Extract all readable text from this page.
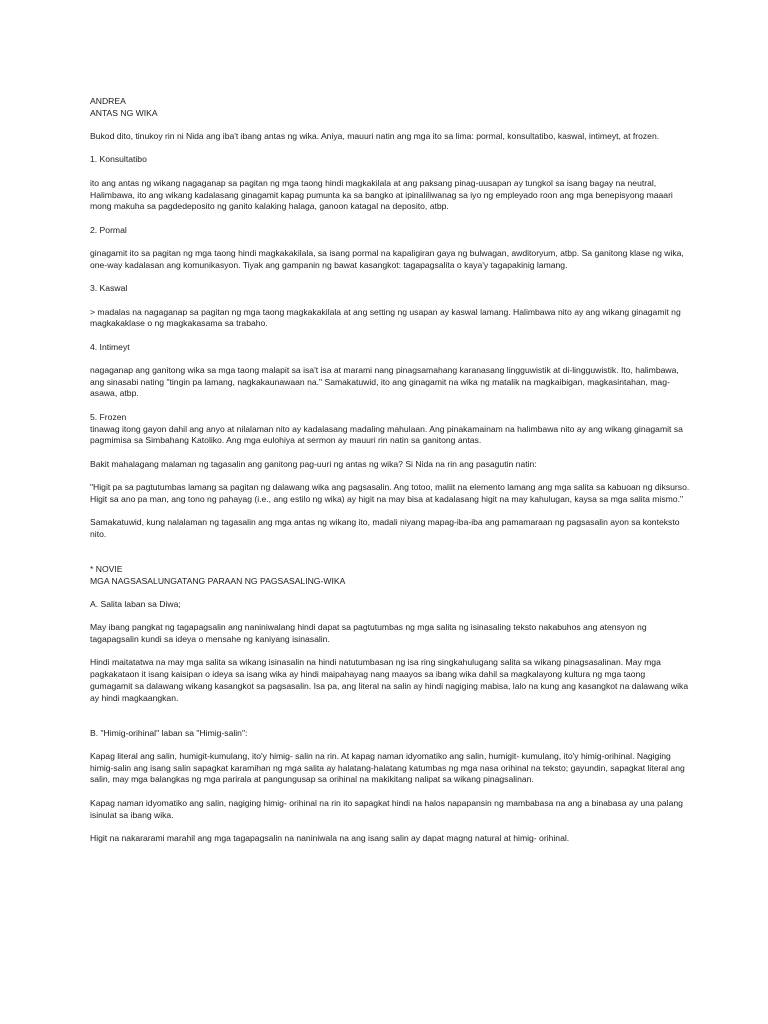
ANDREA

ANTAS NG WIKA

Bukod dito, tinukoy rin ni Nida ang iba't ibang antas ng wika. Aniya, mauuri natin ang mga ito sa lima: pormal, konsultatibo, kaswal, intimeyt, at frozen.

1. Konsultatibo

ito ang antas ng wikang nagaganap sa pagitan ng mga taong hindi magkakilala at ang paksang pinag-uusapan ay tungkol sa isang bagay na neutral, Halimbawa, ito ang wikang kadalasang ginagamit kapag pumunta ka sa bangko at ipinaliliwanag sa iyo ng empleyado roon ang mga benepisyong maaari mong makuha sa pagdedeposito ng ganito kalaking halaga, ganoon katagal na deposito, atbp.

2. Pormal

ginagamit ito sa pagitan ng mga taong hindi magkakakilala, sa isang pormal na kapaligiran gaya ng bulwagan, awditoryum, atbp. Sa ganitong klase ng wika, one-way kadalasan ang komunikasyon. Tiyak ang gampanin ng bawat kasangkot: tagapagsalita o kaya'y tagapakinig lamang.

3. Kaswal

> madalas na nagaganap sa pagitan ng mga taong magkakakilala at ang setting ng usapan ay kaswal lamang. Halimbawa nito ay ang wikang ginagamit ng magkakaklase o ng magkakasama sa trabaho.

4. Intimeyt

nagaganap ang ganitong wika sa mga taong malapit sa isa't isa at marami nang pinagsamahang karanasang lingguwistik at di-lingguwistik. Ito, halimbawa, ang sinasabi nating "tingin pa lamang, nagkakaunawaan na." Samakatuwid, ito ang ginagamit na wika ng matalik na magkaibigan, magkasintahan, mag-asawa, atbp.

5. Frozen

tinawag itong gayon dahil ang anyo at nilalaman nito ay kadalasang madaling mahulaan. Ang pinakamainam na halimbawa nito ay ang wikang ginagamit sa pagmimisa sa Simbahang Katoliko. Ang mga eulohiya at sermon ay mauuri rin natin sa ganitong antas.

Bakit mahalagang malaman ng tagasalin ang ganitong pag-uuri ng antas ng wika? Si Nida na rin ang pasagutin natin:

"Higit pa sa pagtutumbas lamang sa pagitan ng dalawang wika ang pagsasalin. Ang totoo, maliit na elemento lamang ang mga salita sa kabuoan ng diksurso. Higit sa ano pa man, ang tono ng pahayag (i.e., ang estilo ng wika) ay higit na may bisa at kadalasang higit na may kahulugan, kaysa sa mga salita mismo."

Samakatuwid, kung nalalaman ng tagasalin ang mga antas ng wikang ito, madali niyang mapag-iba-iba ang pamamaraan ng pagsasalin ayon sa konteksto nito.

* NOVIE

MGA NAGSASALUNGATANG PARAAN NG PAGSASALING-WIKA

A. Salita laban sa Diwa;

May ibang pangkat ng tagapagsalin ang naniniwalang hindi dapat sa pagtutumbas ng mga salita ng isinasaling teksto nakabuhos ang atensyon ng tagapagsalin kundi sa ideya o mensahe ng kaniyang isinasalin.

Hindi maitatatwa na may mga salita sa wikang isinasalin na hindi natutumbasan ng isa ring singkahulugang salita sa wikang pinagsasalinan. May mga pagkakataon it isang kaisipan o ideya sa isang wika ay hindi maipahayag nang maayos sa ibang wika dahil sa magkalayong kultura ng mga taong gumagamit sa dalawang wikang kasangkot sa pagsasalin. Isa pa, ang literal na salin ay hindi nagiging mabisa, lalo na kung ang kasangkot na dalawang wika ay hindi magkaangkan.

B. "Himig-orihinal" laban sa "Himig-salin":

Kapag literal ang salin, humigit-kumulang, ito'y himig- salin na rin. At kapag naman idyomatiko ang salin, humigit- kumulang, ito'y himig-orihinal. Nagiging himig-salin ang isang salin sapagkat karamihan ng mga salita ay halatang-halatang katumbas ng mga nasa orihinal na teksto; gayundin, sapagkat literal ang salin, may mga balangkas ng mga parirala at pangungusap sa orihinal na makikitang nalipat sa wikang pinagsalinan.

Kapag naman idyomatiko ang salin, nagiging himig- orihinal na rin ito sapagkat hindi na halos napapansin ng mambabasa na ang a binabasa ay una palang isinulat sa ibang wika.

Higit na nakararami marahil ang mga tagapagsalin na naniniwala na ang isang salin ay dapat magng natural at himig- orihinal.
